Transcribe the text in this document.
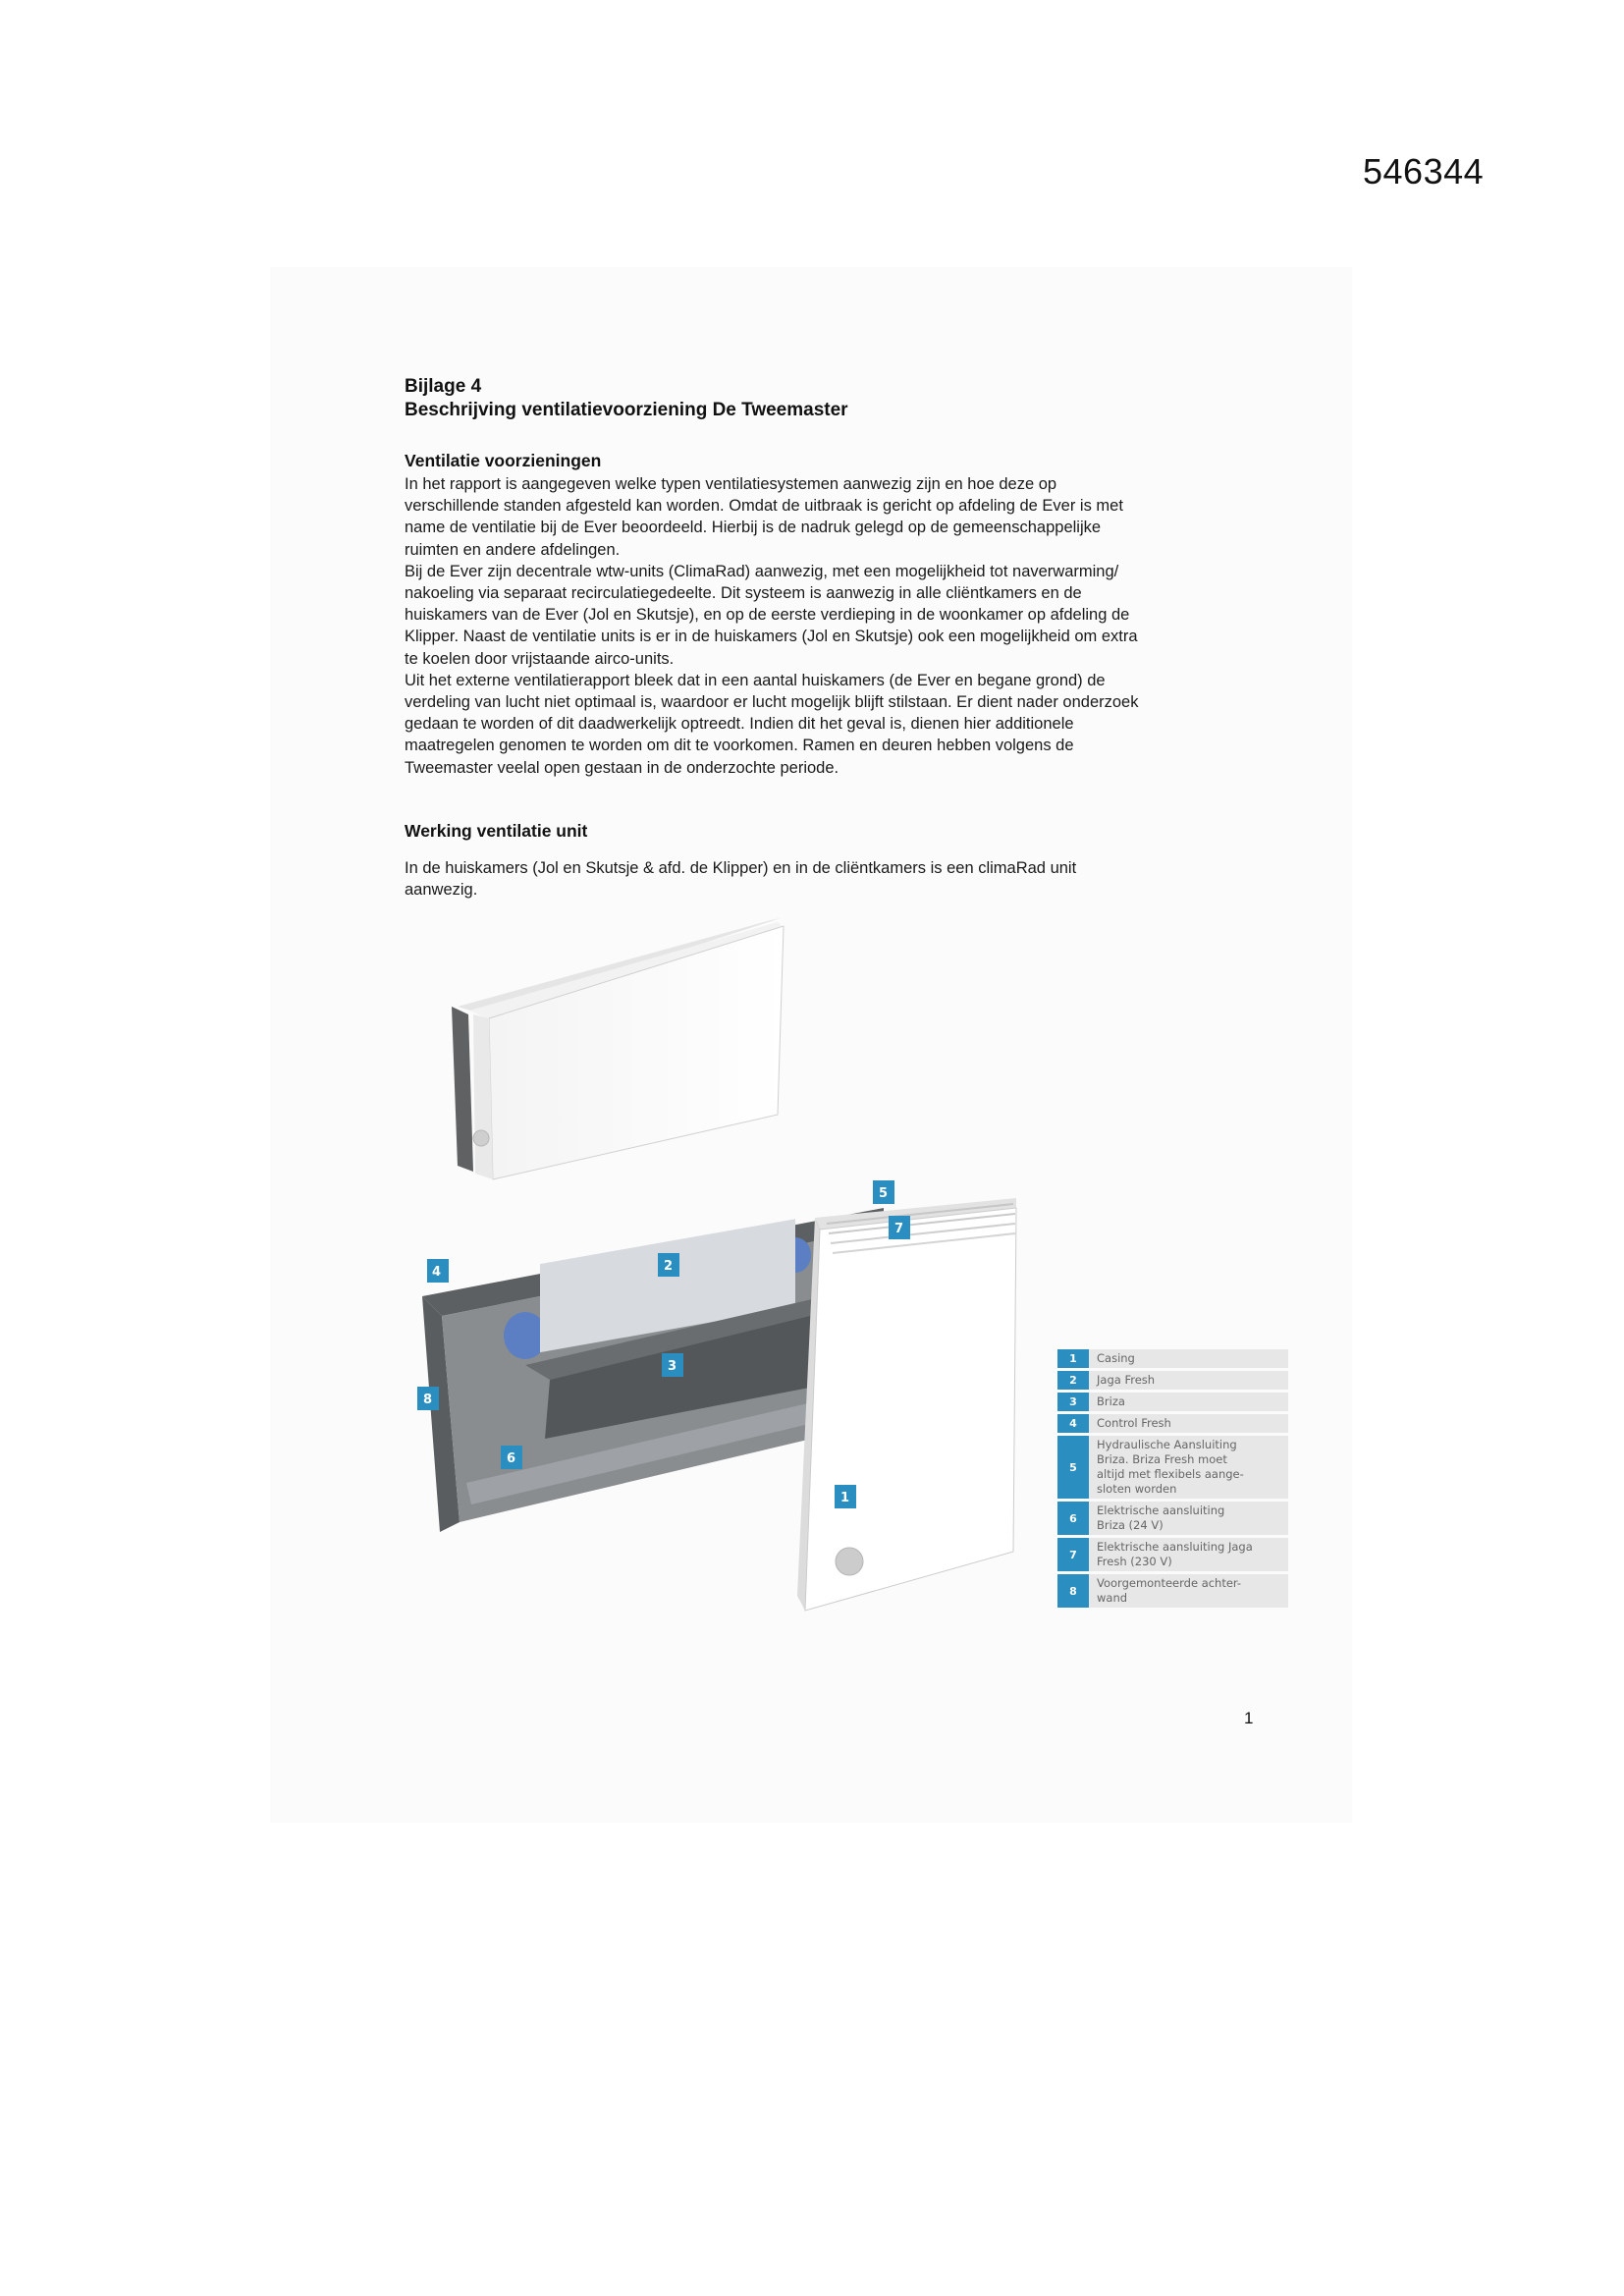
546344
Bijlage 4
Beschrijving ventilatievoorziening De Tweemaster
Ventilatie voorzieningen
In het rapport is aangegeven welke typen ventilatiesystemen aanwezig zijn en hoe deze op
verschillende standen afgesteld kan worden. Omdat de uitbraak is gericht op afdeling de Ever is met
name de ventilatie bij de Ever beoordeeld. Hierbij is de nadruk gelegd op de gemeenschappelijke
ruimten en andere afdelingen.
Bij de Ever zijn decentrale wtw-units (ClimaRad) aanwezig, met een mogelijkheid tot naverwarming/
nakoeling via separaat recirculatiegedeelte. Dit systeem is aanwezig in alle cliëntkamers en de
huiskamers van de Ever (Jol en Skutsje), en op de eerste verdieping in de woonkamer op afdeling de
Klipper. Naast de ventilatie units is er in de huiskamers (Jol en Skutsje) ook een mogelijkheid om extra
te koelen door vrijstaande airco-units.
Uit het externe ventilatierapport bleek dat in een aantal huiskamers (de Ever en begane grond) de
verdeling van lucht niet optimaal is, waardoor er lucht mogelijk blijft stilstaan. Er dient nader onderzoek
gedaan te worden of dit daadwerkelijk optreedt. Indien dit het geval is, dienen hier additionele
maatregelen genomen te worden om dit te voorkomen. Ramen en deuren hebben volgens de
Tweemaster veelal open gestaan in de onderzochte periode.
Werking ventilatie unit
In de huiskamers (Jol en Skutsje & afd. de Klipper) en in de cliëntkamers is een climaRad unit
aanwezig.
4	2
3
5
7
8
6
1
1	Casing
2	Jaga Fresh
3	Briza
4	Control Fresh
5
Hydraulische Aansluiting
Briza. Briza Fresh moet
altijd met flexibels aange-
sloten worden
6
Elektrische aansluiting
Briza (24 V)
7
Elektrische aansluiting Jaga
Fresh (230 V)
8
Voorgemonteerde achter-
wand
1
